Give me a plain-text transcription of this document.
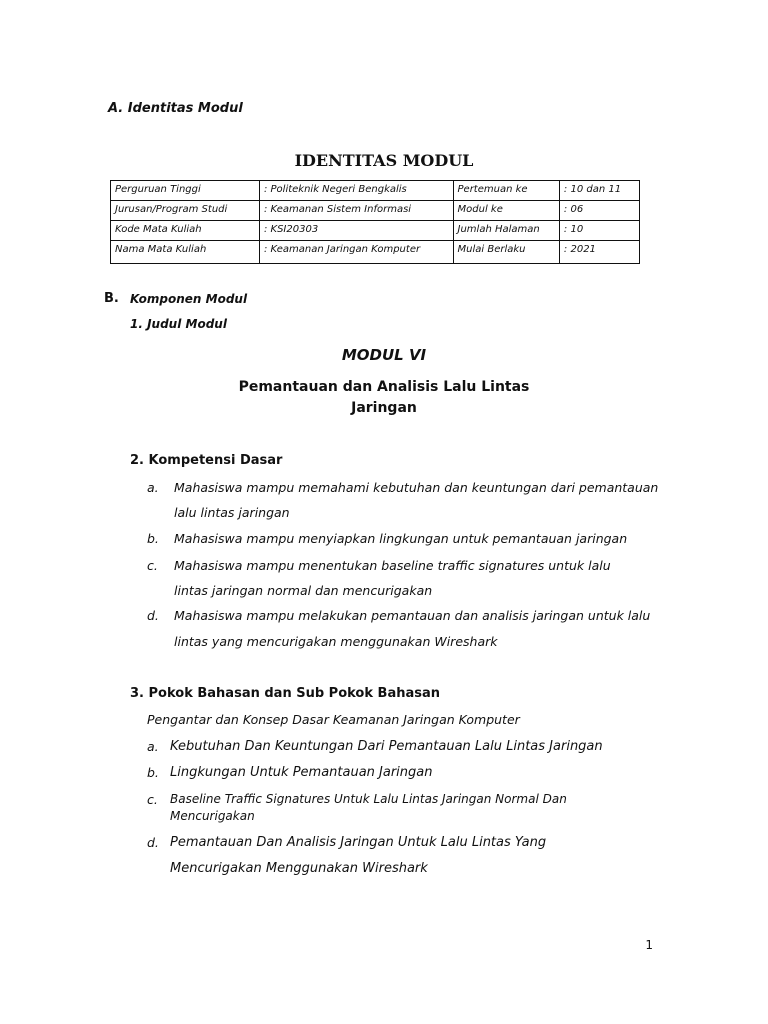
A. Identitas Modul
IDENTITAS MODUL
Perguruan Tinggi	: Politeknik Negeri Bengkalis	Pertemuan ke	: 10 dan 11
Jurusan/Program Studi	: Keamanan Sistem Informasi	Modul ke	: 06
Kode Mata Kuliah	: KSI20303	Jumlah Halaman	: 10
Nama Mata Kuliah	: Keamanan Jaringan Komputer	Mulai Berlaku	: 2021
B. Komponen Modul
1. Judul Modul
MODUL VI
Pemantauan dan Analisis Lalu Lintas
Jaringan
2. Kompetensi Dasar
a. Mahasiswa mampu memahami kebutuhan dan keuntungan dari pemantauan
lalu lintas jaringan
b. Mahasiswa mampu menyiapkan lingkungan untuk pemantauan jaringan
c. Mahasiswa mampu menentukan baseline traffic signatures untuk lalu
lintas jaringan normal dan mencurigakan
d. Mahasiswa mampu melakukan pemantauan dan analisis jaringan untuk lalu
lintas yang mencurigakan menggunakan Wireshark
3. Pokok Bahasan dan Sub Pokok Bahasan
Pengantar dan Konsep Dasar Keamanan Jaringan Komputer
a. Kebutuhan Dan Keuntungan Dari Pemantauan Lalu Lintas Jaringan
b. Lingkungan Untuk Pemantauan Jaringan
c. Baseline Traffic Signatures Untuk Lalu Lintas Jaringan Normal Dan
Mencurigakan
d. Pemantauan Dan Analisis Jaringan Untuk Lalu Lintas Yang
Mencurigakan Menggunakan Wireshark
1
